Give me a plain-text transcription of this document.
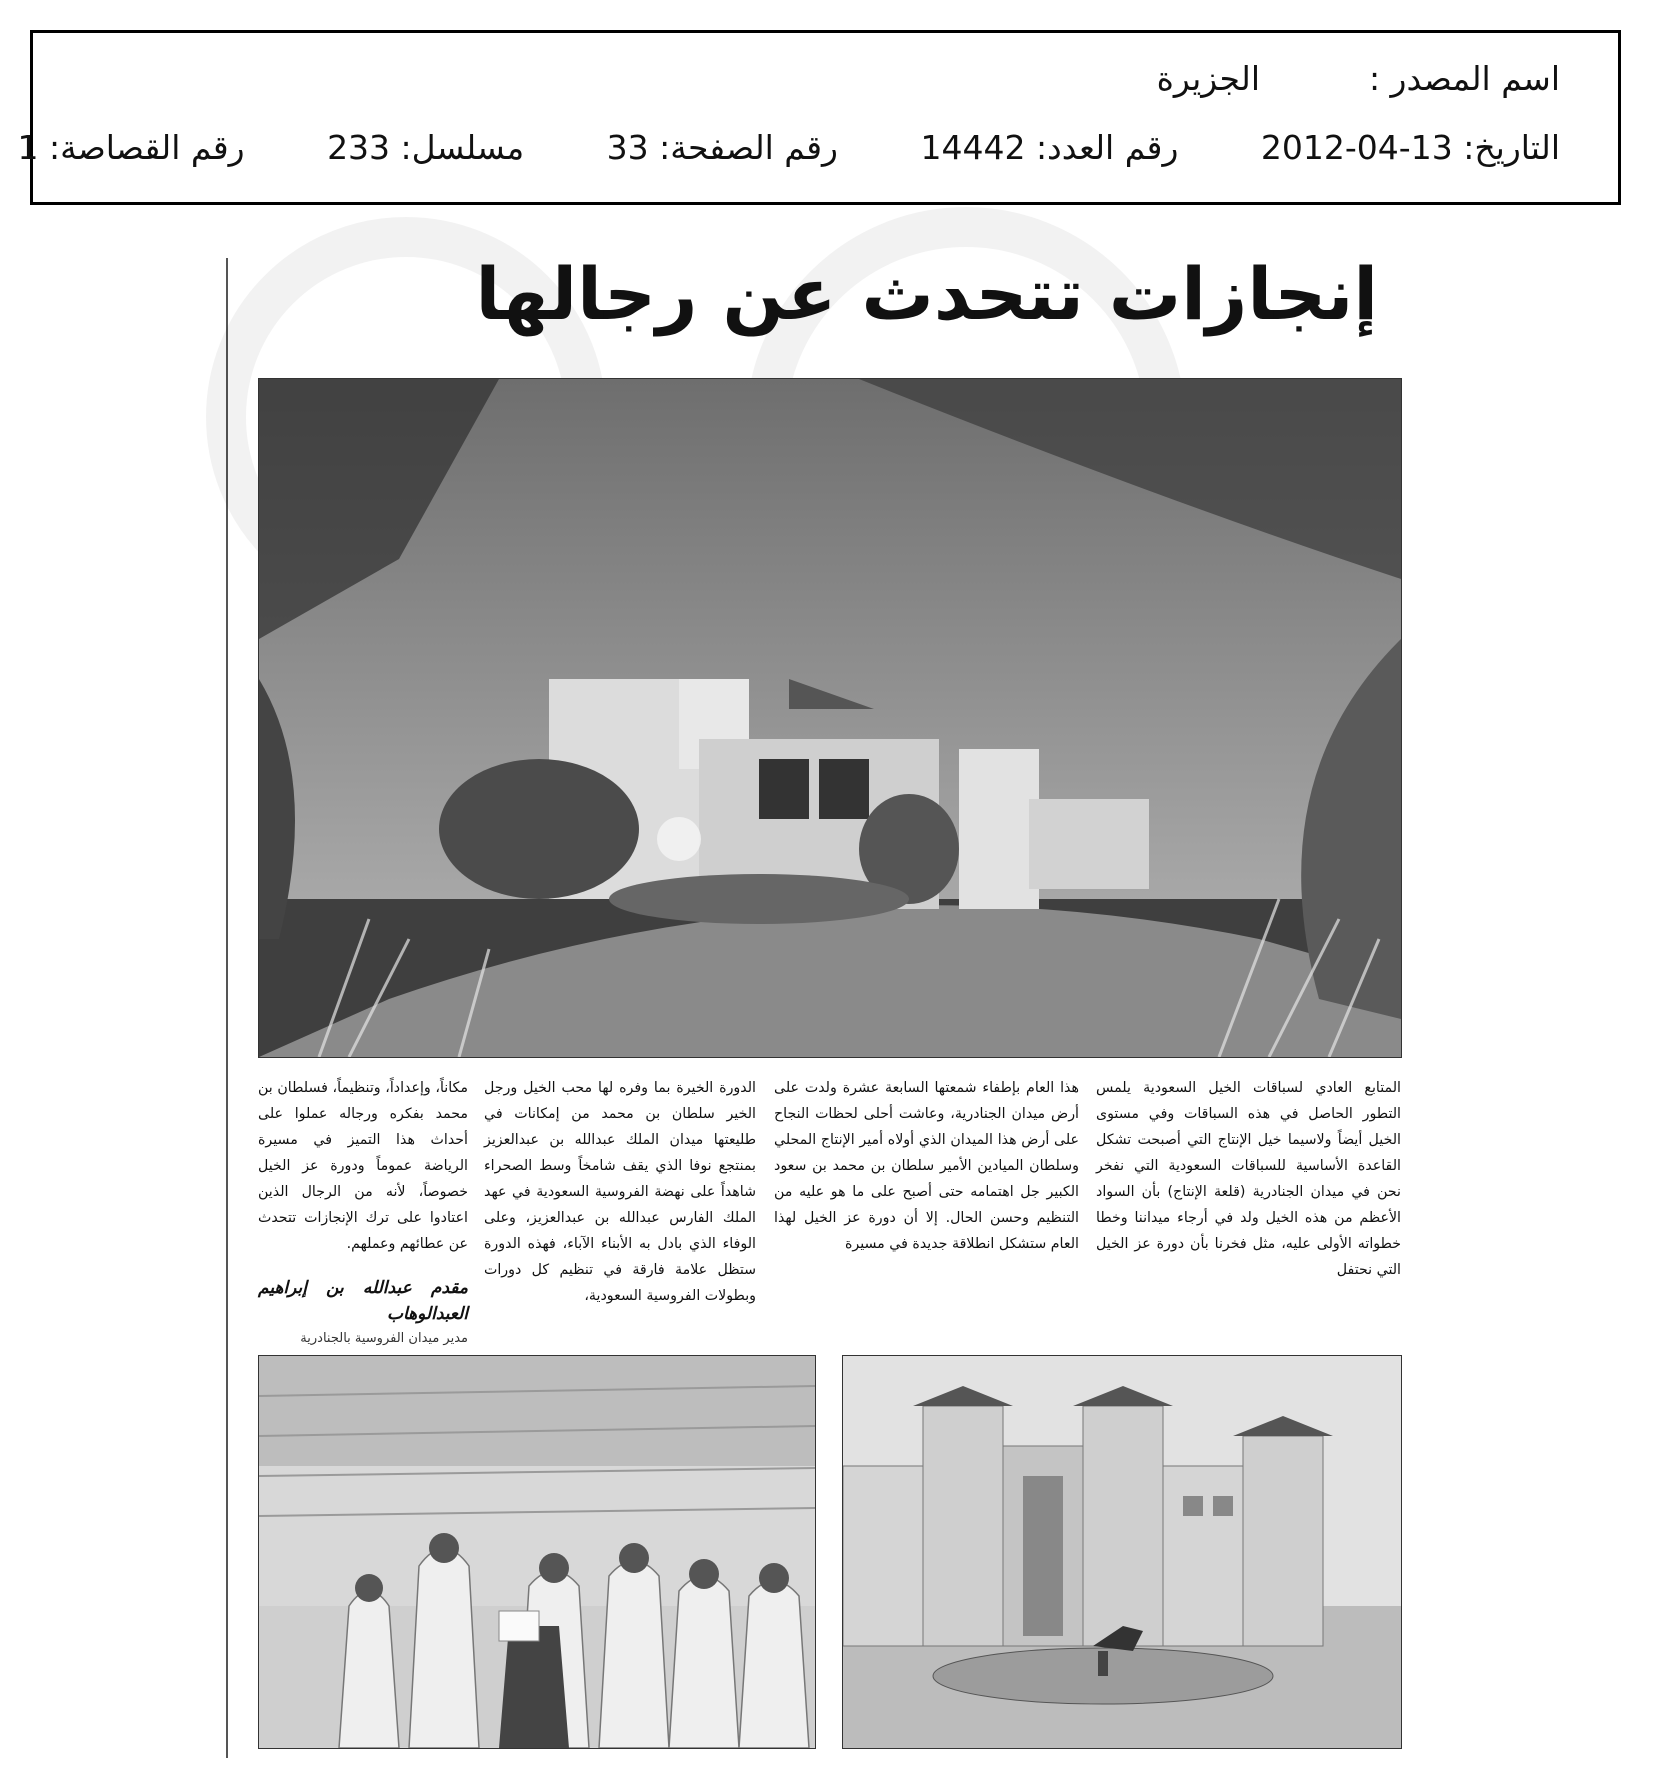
اسم المصدر :
الجزيرة
التاريخ: 13-04-2012 رقم العدد: 14442 رقم الصفحة: 33 مسلسل: 233 رقم القصاصة: 1
إنجازات تتحدث عن رجالها

المتابع العادي لسباقات الخيل السعودية يلمس التطور الحاصل في هذه السباقات وفي مستوى الخيل أيضاً ولاسيما خيل الإنتاج التي أصبحت تشكل القاعدة الأساسية للسباقات السعودية التي نفخر نحن في ميدان الجنادرية (قلعة الإنتاج) بأن السواد الأعظم من هذه الخيل ولد في أرجاء ميداننا وخطا خطواته الأولى عليه، مثل فخرنا بأن دورة عز الخيل التي نحتفل

هذا العام بإطفاء شمعتها السابعة عشرة ولدت على أرض ميدان الجنادرية، وعاشت أحلى لحظات النجاح على أرض هذا الميدان الذي أولاه أمير الإنتاج المحلي وسلطان الميادين الأمير سلطان بن محمد بن سعود الكبير جل اهتمامه حتى أصبح على ما هو عليه من التنظيم وحسن الحال. إلا أن دورة عز الخيل لهذا العام ستشكل انطلاقة جديدة في مسيرة

الدورة الخيرة بما وفره لها محب الخيل ورجل الخير سلطان بن محمد من إمكانات في طليعتها ميدان الملك عبدالله بن عبدالعزيز بمنتجع نوفا الذي يقف شامخاً وسط الصحراء شاهداً على نهضة الفروسية السعودية في عهد الملك الفارس عبدالله بن عبدالعزيز، وعلى الوفاء الذي بادل به الأبناء الآباء، فهذه الدورة ستظل علامة فارقة في تنظيم كل دورات وبطولات الفروسية السعودية،

مكاناً، وإعداداً، وتنظيماً، فسلطان بن محمد بفكره ورجاله عملوا على أحداث هذا التميز في مسيرة الرياضة عموماً ودورة عز الخيل خصوصاً، لأنه من الرجال الذين اعتادوا على ترك الإنجازات تتحدث عن عطائهم وعملهم.

مقدم عبدالله بن إبراهيم العبدالوهاب
مدير ميدان الفروسية بالجنادرية
